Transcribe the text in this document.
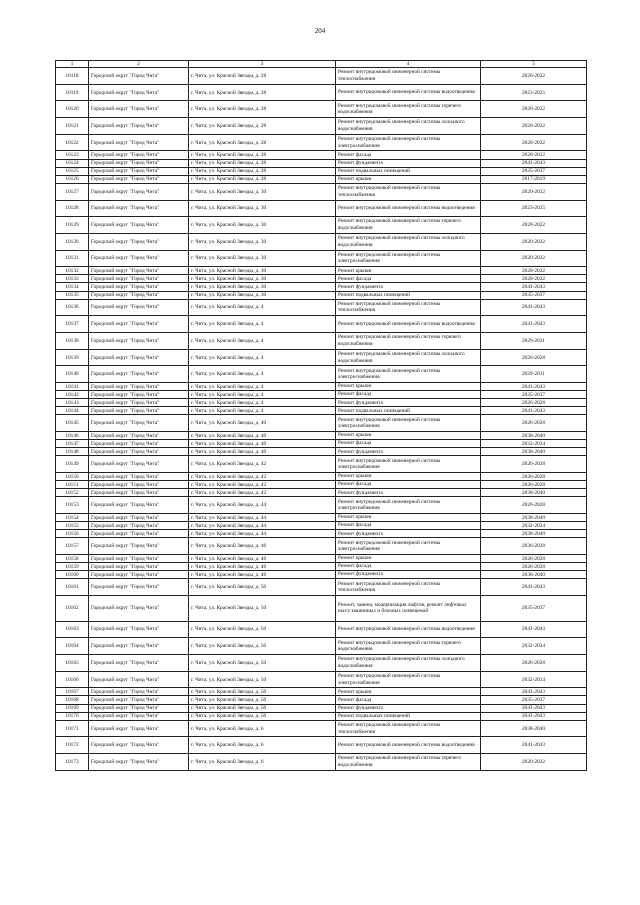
204
1	2	3	4	5
10118	Городской округ "Город Чита"	г. Чита, ул. Красной Звезды, д. 28	Ремонт внутридомовой инженерной системы теплоснабжения	2020-2022
10119	Городской округ "Город Чита"	г. Чита, ул. Красной Звезды, д. 28	Ремонт внутридомовой инженерной системы водоотведения	2023-2025
10120	Городской округ "Город Чита"	г. Чита, ул. Красной Звезды, д. 28	Ремонт внутридомовой инженерной системы горячего водоснабжения	2020-2022
10121	Городской округ "Город Чита"	г. Чита, ул. Красной Звезды, д. 28	Ремонт внутридомовой инженерной системы холодного водоснабжения	2020-2022
10122	Городской округ "Город Чита"	г. Чита, ул. Красной Звезды, д. 28	Ремонт внутридомовой инженерной системы электроснабжения	2020-2022
10123	Городской округ "Город Чита"	г. Чита, ул. Красной Звезды, д. 28	Ремонт фасада	2020-2022
10124	Городской округ "Город Чита"	г. Чита, ул. Красной Звезды, д. 28	Ремонт фундамента	2041-2043
10125	Городской округ "Город Чита"	г. Чита, ул. Красной Звезды, д. 28	Ремонт подвальных помещений	2035-2037
10126	Городской округ "Город Чита"	г. Чита, ул. Красной Звезды, д. 28	Ремонт крыши	2017-2019
10127	Городской округ "Город Чита"	г. Чита, ул. Красной Звезды, д. 30	Ремонт внутридомовой инженерной системы теплоснабжения	2020-2022
10128	Городской округ "Город Чита"	г. Чита, ул. Красной Звезды, д. 30	Ремонт внутридомовой инженерной системы водоотведения	2023-2025
10129	Городской округ "Город Чита"	г. Чита, ул. Красной Звезды, д. 30	Ремонт внутридомовой инженерной системы горячего водоснабжения	2020-2022
10130	Городской округ "Город Чита"	г. Чита, ул. Красной Звезды, д. 30	Ремонт внутридомовой инженерной системы холодного водоснабжения	2020-2022
10131	Городской округ "Город Чита"	г. Чита, ул. Красной Звезды, д. 30	Ремонт внутридомовой инженерной системы электроснабжения	2020-2022
10132	Городской округ "Город Чита"	г. Чита, ул. Красной Звезды, д. 30	Ремонт крыши	2020-2022
10133	Городской округ "Город Чита"	г. Чита, ул. Красной Звезды, д. 30	Ремонт фасада	2020-2022
10134	Городской округ "Город Чита"	г. Чита, ул. Красной Звезды, д. 30	Ремонт фундамента	2041-2043
10135	Городской округ "Город Чита"	г. Чита, ул. Красной Звезды, д. 30	Ремонт подвальных помещений	2035-2037
10136	Городской округ "Город Чита"	г. Чита, ул. Красной Звезды, д. 4	Ремонт внутридомовой инженерной системы теплоснабжения	2041-2043
10137	Городской округ "Город Чита"	г. Чита, ул. Красной Звезды, д. 4	Ремонт внутридомовой инженерной системы водоотведения	2041-2043
10138	Городской округ "Город Чита"	г. Чита, ул. Красной Звезды, д. 4	Ремонт внутридомовой инженерной системы горячего водоснабжения	2029-2031
10139	Городской округ "Город Чита"	г. Чита, ул. Красной Звезды, д. 4	Ремонт внутридомовой инженерной системы холодного водоснабжения	2026-2028
10140	Городской округ "Город Чита"	г. Чита, ул. Красной Звезды, д. 4	Ремонт внутридомовой инженерной системы электроснабжения	2029-2031
10141	Городской округ "Город Чита"	г. Чита, ул. Красной Звезды, д. 4	Ремонт крыши	2041-2043
10142	Городской округ "Город Чита"	г. Чита, ул. Красной Звезды, д. 4	Ремонт фасада	2035-2037
10143	Городской округ "Город Чита"	г. Чита, ул. Красной Звезды, д. 4	Ремонт фундамента	2026-2028
10144	Городской округ "Город Чита"	г. Чита, ул. Красной Звезды, д. 4	Ремонт подвальных помещений	2041-2043
10145	Городской округ "Город Чита"	г. Чита, ул. Красной Звезды, д. 40	Ремонт внутридомовой инженерной системы электроснабжения	2026-2028
10146	Городской округ "Город Чита"	г. Чита, ул. Красной Звезды, д. 40	Ремонт крыши	2038-2040
10147	Городской округ "Город Чита"	г. Чита, ул. Красной Звезды, д. 40	Ремонт фасада	2032-2034
10148	Городской округ "Город Чита"	г. Чита, ул. Красной Звезды, д. 40	Ремонт фундамента	2038-2040
10149	Городской округ "Город Чита"	г. Чита, ул. Красной Звезды, д. 42	Ремонт внутридомовой инженерной системы электроснабжения	2026-2028
10150	Городской округ "Город Чита"	г. Чита, ул. Красной Звезды, д. 42	Ремонт крыши	2026-2028
10151	Городской округ "Город Чита"	г. Чита, ул. Красной Звезды, д. 42	Ремонт фасада	2026-2028
10152	Городской округ "Город Чита"	г. Чита, ул. Красной Звезды, д. 42	Ремонт фундамента	2038-2040
10153	Городской округ "Город Чита"	г. Чита, ул. Красной Звезды, д. 44	Ремонт внутридомовой инженерной системы электроснабжения	2026-2028
10154	Городской округ "Город Чита"	г. Чита, ул. Красной Звезды, д. 44	Ремонт крыши	2038-2040
10155	Городской округ "Город Чита"	г. Чита, ул. Красной Звезды, д. 44	Ремонт фасада	2032-2034
10156	Городской округ "Город Чита"	г. Чита, ул. Красной Звезды, д. 44	Ремонт фундамента	2038-2040
10157	Городской округ "Город Чита"	г. Чита, ул. Красной Звезды, д. 46	Ремонт внутридомовой инженерной системы электроснабжения	2026-2028
10158	Городской округ "Город Чита"	г. Чита, ул. Красной Звезды, д. 46	Ремонт крыши	2026-2028
10159	Городской округ "Город Чита"	г. Чита, ул. Красной Звезды, д. 46	Ремонт фасада	2026-2028
10160	Городской округ "Город Чита"	г. Чита, ул. Красной Звезды, д. 46	Ремонт фундамента	2038-2040
10161	Городской округ "Город Чита"	г. Чита, ул. Красной Звезды, д. 50	Ремонт внутридомовой инженерной системы теплоснабжения	2041-2043
10162	Городской округ "Город Чита"	г. Чита, ул. Красной Звезды, д. 50	Ремонт, замена, модернизация лифтов, ремонт лифтовых шахт, машинных и блочных помещений	2035-2037
10163	Городской округ "Город Чита"	г. Чита, ул. Красной Звезды, д. 50	Ремонт внутридомовой инженерной системы водоотведения	2041-2043
10164	Городской округ "Город Чита"	г. Чита, ул. Красной Звезды, д. 50	Ремонт внутридомовой инженерной системы горячего водоснабжения	2032-2034
10165	Городской округ "Город Чита"	г. Чита, ул. Красной Звезды, д. 50	Ремонт внутридомовой инженерной системы холодного водоснабжения	2026-2028
10166	Городской округ "Город Чита"	г. Чита, ул. Красной Звезды, д. 50	Ремонт внутридомовой инженерной системы электроснабжения	2032-2034
10167	Городской округ "Город Чита"	г. Чита, ул. Красной Звезды, д. 50	Ремонт крыши	2041-2043
10168	Городской округ "Город Чита"	г. Чита, ул. Красной Звезды, д. 50	Ремонт фасада	2035-2037
10169	Городской округ "Город Чита"	г. Чита, ул. Красной Звезды, д. 50	Ремонт фундамента	2041-2043
10170	Городской округ "Город Чита"	г. Чита, ул. Красной Звезды, д. 50	Ремонт подвальных помещений	2041-2043
10171	Городской округ "Город Чита"	г. Чита, ул. Красной Звезды, д. 6	Ремонт внутридомовой инженерной системы теплоснабжения	2038-2040
10172	Городской округ "Город Чита"	г. Чита, ул. Красной Звезды, д. 6	Ремонт внутридомовой инженерной системы водоотведения	2041-2043
10173	Городской округ "Город Чита"	г. Чита, ул. Красной Звезды, д. 6	Ремонт внутридомовой инженерной системы горячего водоснабжения	2020-2022
